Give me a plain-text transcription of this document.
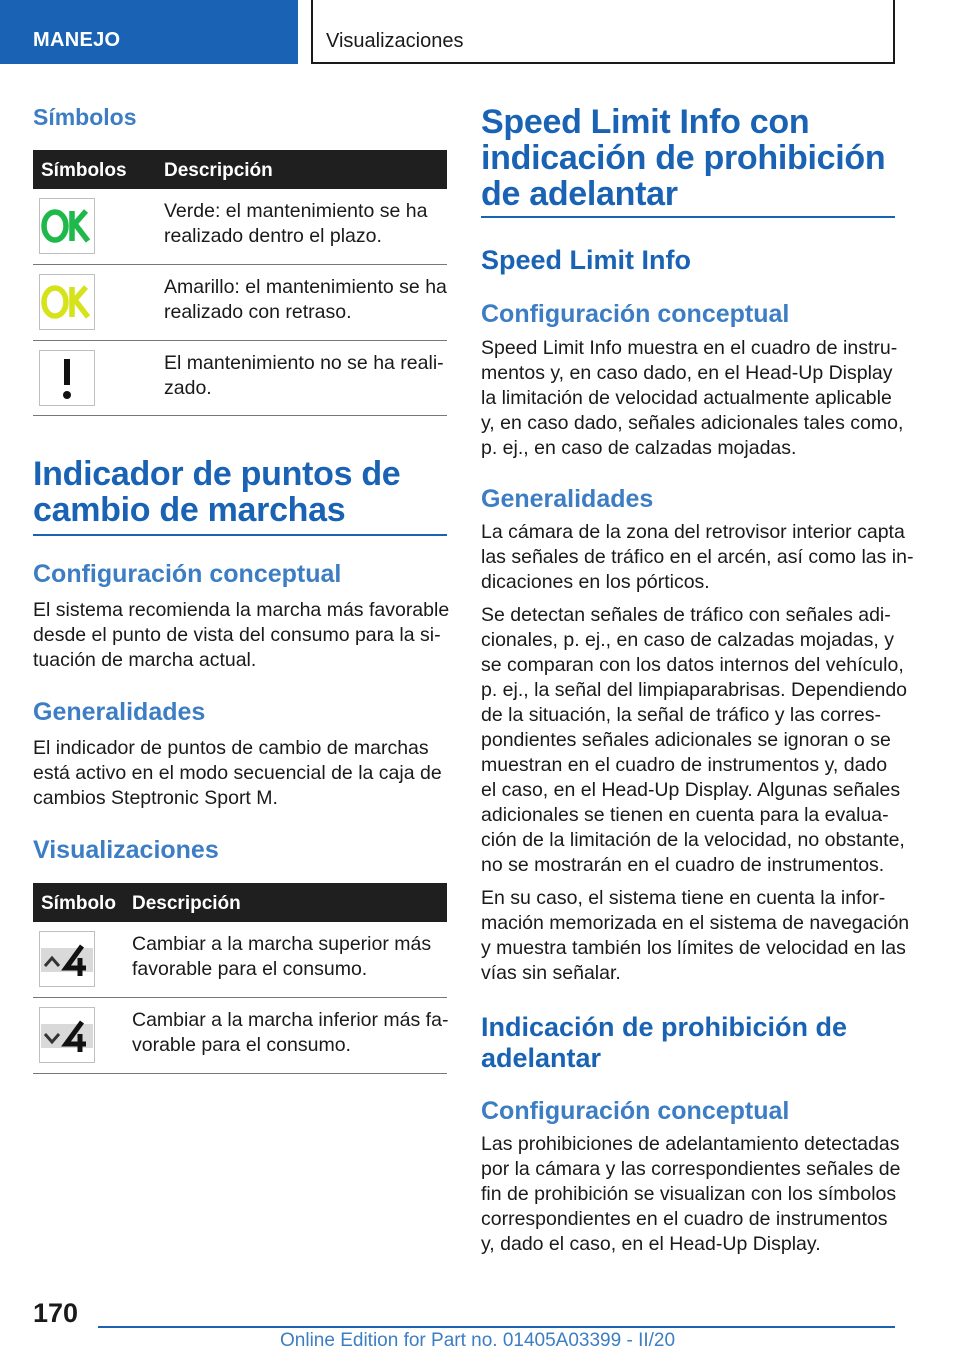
MANEJO	Visualizaciones
Símbolos
Símbolos Descripción
Verde: el mantenimiento se ha
realizado dentro el plazo.
Amarillo: el mantenimiento se ha
realizado con retraso.
El mantenimiento no se ha reali-
zado.
Indicador de puntos de
cambio de marchas
Configuración conceptual
El sistema recomienda la marcha más favorable
desde el punto de vista del consumo para la si-
tuación de marcha actual.
Generalidades
El indicador de puntos de cambio de marchas
está activo en el modo secuencial de la caja de
cambios Steptronic Sport M.
Visualizaciones
Símbolo Descripción
Cambiar a la marcha superior más
favorable para el consumo.
Cambiar a la marcha inferior más fa-
vorable para el consumo.
Speed Limit Info con
indicación de prohibición
de adelantar
Speed Limit Info
Configuración conceptual
Speed Limit Info muestra en el cuadro de instru-
mentos y, en caso dado, en el Head-Up Display
la limitación de velocidad actualmente aplicable
y, en caso dado, señales adicionales tales como,
p. ej., en caso de calzadas mojadas.
Generalidades
La cámara de la zona del retrovisor interior capta
las señales de tráfico en el arcén, así como las in-
dicaciones en los pórticos.
Se detectan señales de tráfico con señales adi-
cionales, p. ej., en caso de calzadas mojadas, y
se comparan con los datos internos del vehículo,
p. ej., la señal del limpiaparabrisas. Dependiendo
de la situación, la señal de tráfico y las corres-
pondientes señales adicionales se ignoran o se
muestran en el cuadro de instrumentos y, dado
el caso, en el Head-Up Display. Algunas señales
adicionales se tienen en cuenta para la evalua-
ción de la limitación de la velocidad, no obstante,
no se mostrarán en el cuadro de instrumentos.
En su caso, el sistema tiene en cuenta la infor-
mación memorizada en el sistema de navegación
y muestra también los límites de velocidad en las
vías sin señalar.
Indicación de prohibición de
adelantar
Configuración conceptual
Las prohibiciones de adelantamiento detectadas
por la cámara y las correspondientes señales de
fin de prohibición se visualizan con los símbolos
correspondientes en el cuadro de instrumentos
y, dado el caso, en el Head-Up Display.
170
Online Edition for Part no. 01405A03399 - II/20
